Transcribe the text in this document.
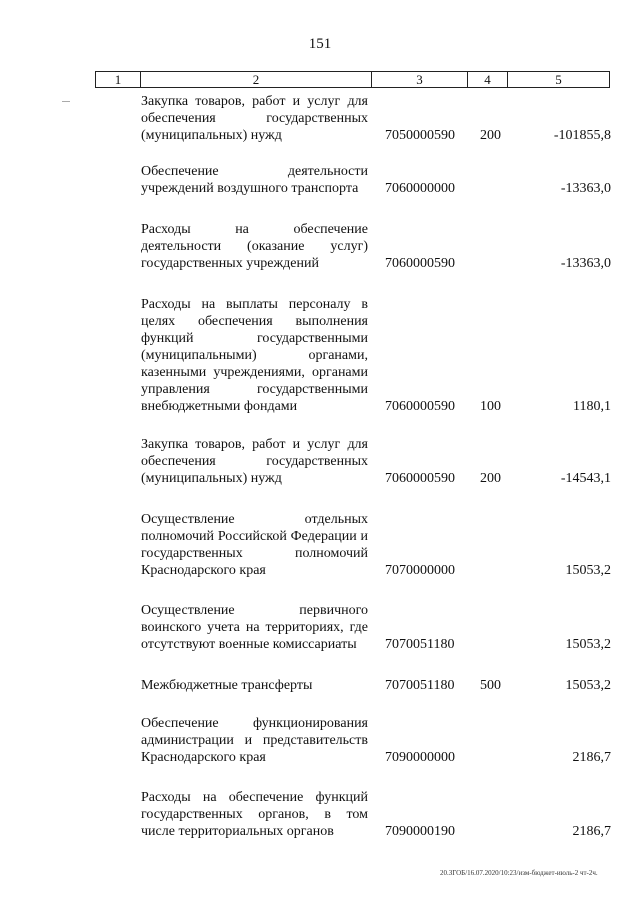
151
1	2	3	4	5
Закупка товаров, работ и услуг для обеспечения государственных (муниципальных) нужд	7050000590 200	-101855,8
Обеспечение деятельности учреждений воздушного транспорта	7060000000	-13363,0
Расходы на обеспечение деятельности (оказание услуг) государственных учреждений	7060000590	-13363,0
Расходы на выплаты персоналу в целях обеспечения выполнения функций государственными (муниципальными) органами, казенными учреждениями, органами управления государственными внебюджетными фондами	7060000590 100	1180,1
Закупка товаров, работ и услуг для обеспечения государственных (муниципальных) нужд	7060000590 200	-14543,1
Осуществление отдельных полномочий Российской Федерации и государственных полномочий Краснодарского края	7070000000	15053,2
Осуществление первичного воинского учета на территориях, где отсутствуют военные комиссариаты	7070051180	15053,2
Межбюджетные трансферты	7070051180 500	15053,2
Обеспечение функционирования администрации и представительств Краснодарского края	7090000000	2186,7
Расходы на обеспечение функций государственных органов, в том числе территориальных органов	7090000190	2186,7
20.ЗГОБ/16.07.2020/10:23/изм-бюджет-июль-2 чт-2ч.
